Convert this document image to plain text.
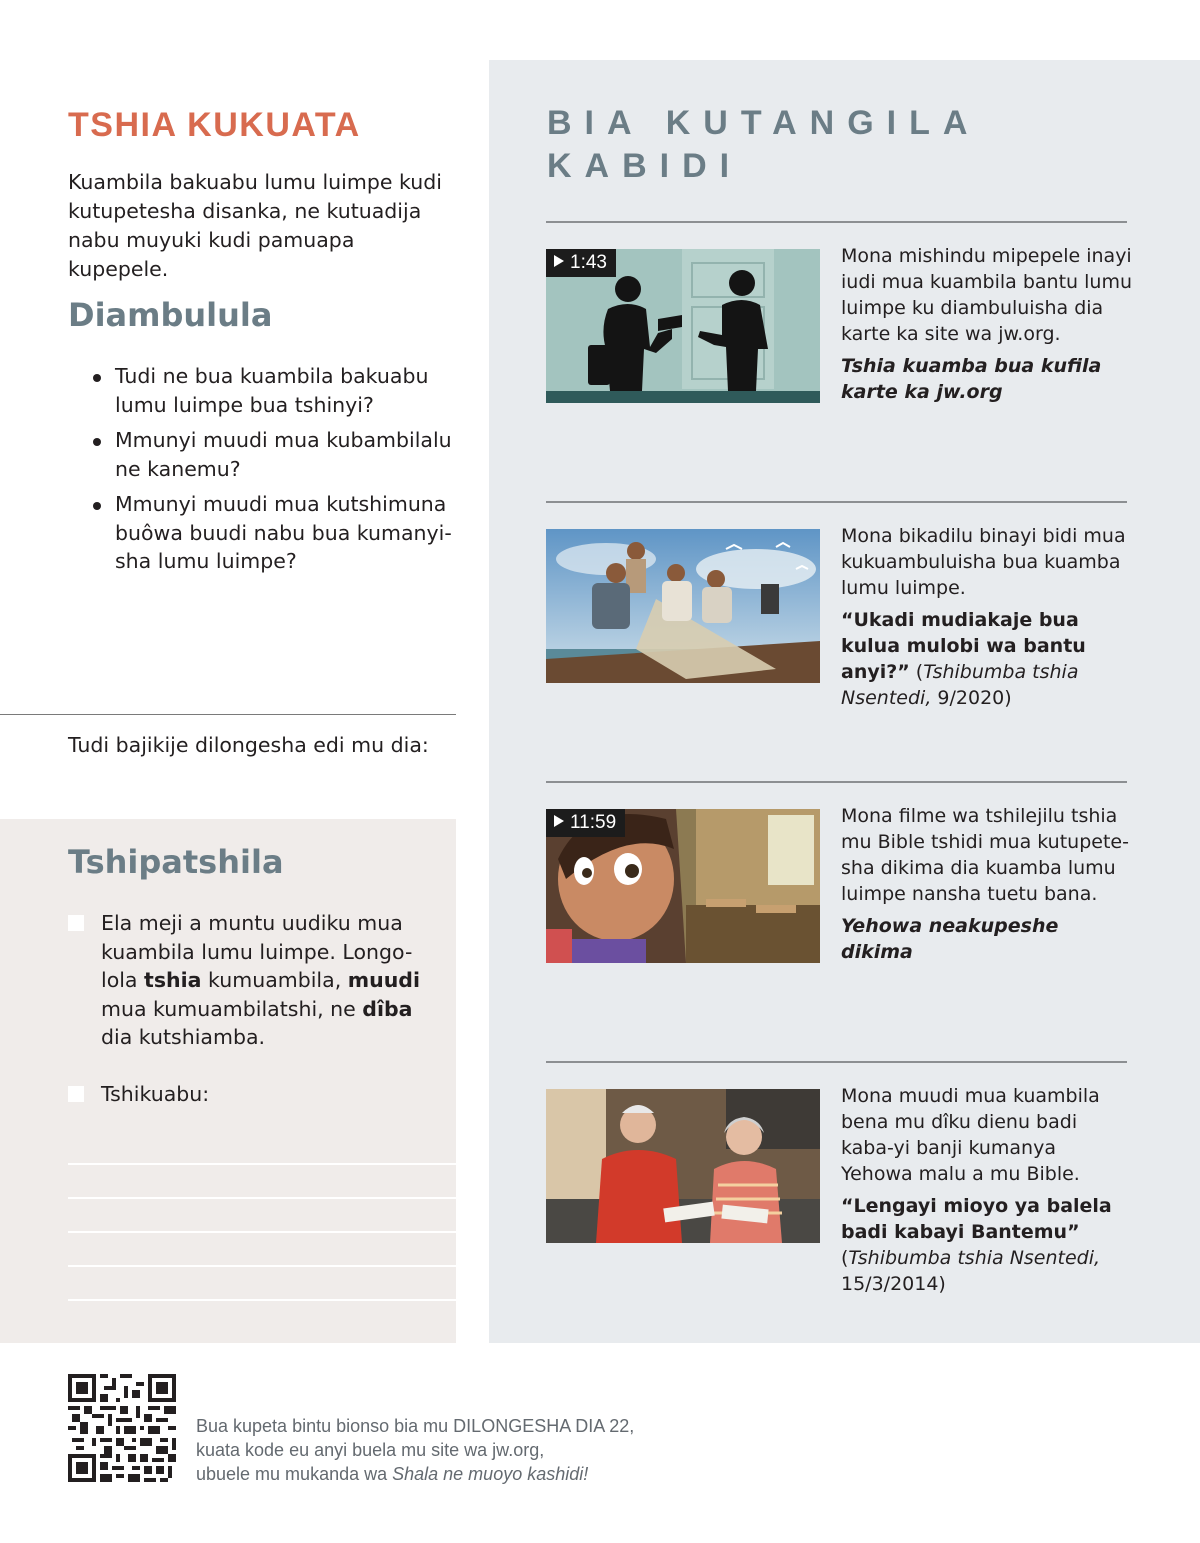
TSHIA KUKUATA

Kuambila bakuabu lumu luimpe kudi kutupetesha disanka, ne kutuadija nabu muyuki kudi pamuapa kupepele.

Diambulula
Tudi ne bua kuambila bakuabu lumu luimpe bua tshinyi?
Mmunyi muudi mua kubambilalu ne kanemu?
Mmunyi muudi mua kutshimuna buôwa buudi nabu bua kumanyi-sha lumu luimpe?
Tudi bajikije dilongesha edi mu dia:
Tshipatshila

Ela meji a muntu uudiku mua kuambila lumu luimpe. Longo-lola tshia kumuambila, muudi mua kumuambilatshi, ne dîba dia kutshiamba.

Tshikuabu:

BIA KUTANGILA
KABIDI
1:43	Mona mishindu mipepele inayi iudi mua kuambila bantu lumu luimpe ku diambuluisha dia karte ka site wa jw.org.

Tshia kuamba bua kufila karte ka jw.org

Mona bikadilu binayi bidi mua kukuambuluisha bua kuamba lumu luimpe.

“Ukadi mudiakaje bua kulua mulobi wa bantu anyi?” (Tshibumba tshia Nsentedi, 9/2020)

11:59	Mona filme wa tshilejilu tshia mu Bible tshidi mua kutupete-sha dikima dia kuamba lumu luimpe nansha tuetu bana.

Yehowa neakupeshe dikima

Mona muudi mua kuambila bena mu dîku dienu badi kaba-yi banji kumanya Yehowa malu a mu Bible.

“Lengayi mioyo ya balela badi kabayi Bantemu” (Tshibumba tshia Nsentedi, 15/3/2014)

Bua kupeta bintu bionso bia mu DILONGESHA DIA 22,
kuata kode eu anyi buela mu site wa jw.org,
ubuele mu mukanda wa Shala ne muoyo kashidi!
